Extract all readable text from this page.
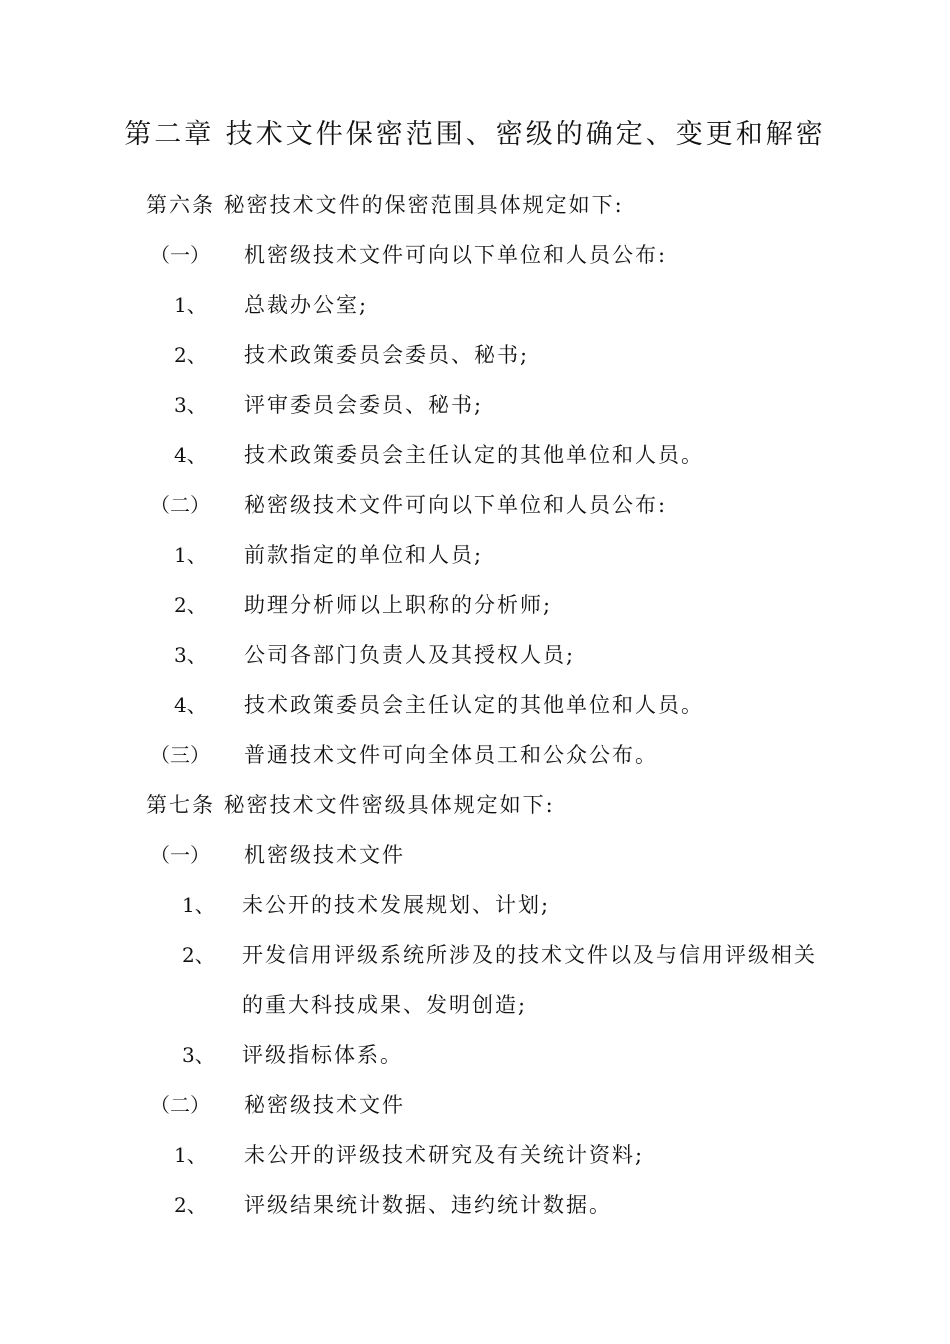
第二章 技术文件保密范围、密级的确定、变更和解密
第六条 秘密技术文件的保密范围具体规定如下:
（一） 机密级技术文件可向以下单位和人员公布:
1、 总裁办公室;
2、 技术政策委员会委员、秘书;
3、 评审委员会委员、秘书;
4、 技术政策委员会主任认定的其他单位和人员。
（二） 秘密级技术文件可向以下单位和人员公布:
1、 前款指定的单位和人员;
2、 助理分析师以上职称的分析师;
3、 公司各部门负责人及其授权人员;
4、 技术政策委员会主任认定的其他单位和人员。
（三） 普通技术文件可向全体员工和公众公布。
第七条 秘密技术文件密级具体规定如下:
（一） 机密级技术文件
1、 未公开的技术发展规划、计划;
2、 开发信用评级系统所涉及的技术文件以及与信用评级相关
的重大科技成果、发明创造;
3、 评级指标体系。
（二） 秘密级技术文件
1、 未公开的评级技术研究及有关统计资料;
2、 评级结果统计数据、违约统计数据。
